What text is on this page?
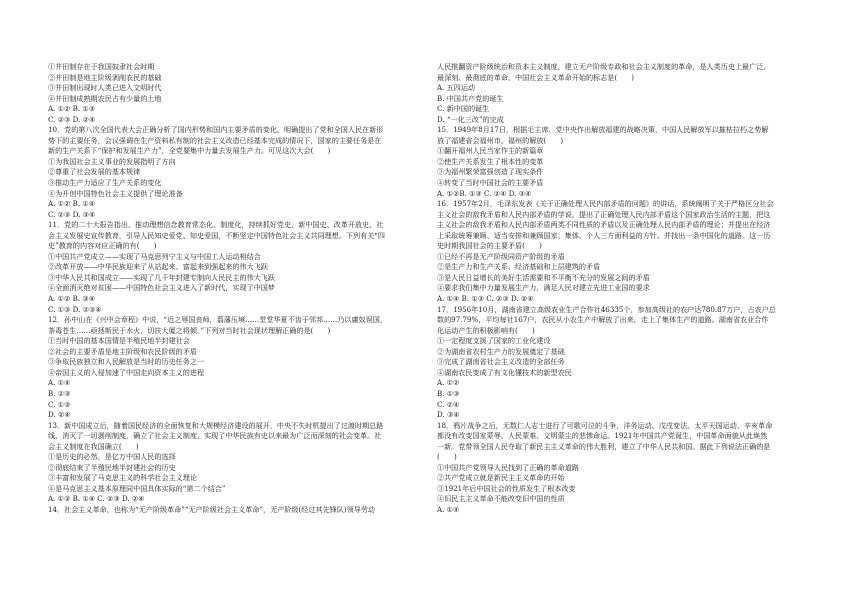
①井田制存在于我国奴隶社会时期
②井田制是地主阶级剥削农民的基础
③井田制出现时人类已进入文明时代
④井田制成熟期农民占有少量的土地
A. ①② B. ①③
C. ②③ D. ②④
10．党的第八次全国代表大会正确分析了国内形势和国内主要矛盾的变化，明确提出了党和全国人民在新形
势下的主要任务，会议强调在生产资料私有制的社会主义改造已经基本完成的情况下，国家的主要任务是在
新的生产关系下“保护和发展生产力”，全党要集中力量去发展生产力。可见这次大会(　　)
①为我国社会主义事业的发展指明了方向
②尊重了社会发展的基本规律
③推动生产力适应了生产关系的变化
④为开创中国特色社会主义提供了理论准备
A. ①② B. ①④
C. ②③ D. ③④
11．党的二十大报告指出，推动理想信念教育常态化、制度化，持续抓好党史、新中国史、改革开放史、社
会主义发展史宣传教育，引导人民知史爱党、知史爱国，不断坚定中国特色社会主义共同理想。下列有关“四
史”教育的内容对应正确的有(　　)
①中国共产党成立——实现了马克思列宁主义与中国工人运动相结合
②改革开放——中华民族迎来了从站起来、富起来到强起来的伟大飞跃
③中华人民共和国成立——实现了几千年封建专制向人民民主的伟大飞跃
④全面消灭绝对贫困——中国特色社会主义进入了新时代，实现了中国梦
A. ①② B. ③④
C. ①③ D. ②③④
12．孙中山在《兴中会章程》中说，“近之辱国丧师，翦藩压境……堂堂华夏不齿于邻邦……乃以庸奴误国，
荼毒苍生……亟拯斯民于水火，切扶大厦之将倾。”下列对当时社会现状理解正确的是(　　)
①当时中国的基本国情是半殖民地半封建社会
②社会的主要矛盾是地主阶级和农民阶级的矛盾
③争取民族独立和人民解放是当时的历史任务之一
④帝国主义的入侵加速了中国走向资本主义的进程
A. ①④
B. ②③
C. ①③
D. ②④
13．新中国成立后，随着国民经济的全面恢复和大规模经济建设的展开，中央不失时机提出了过渡时期总路
线，消灭了一切剥削制度，确立了社会主义制度，实现了中华民族有史以来最为广泛而深刻的社会变革。社
会主义制度在我国确立(　　)
①是历史的必然，是亿万中国人民的选择
②彻底结束了半殖民地半封建社会的历史
③丰富和发展了马克思主义的科学社会主义理论
④是马克思主义基本原理同中国具体实际的“第二个结合”
A. ①③ B. ①④ C. ②③ D. ②④
14．社会主义革命，也称为“无产阶级革命”“无产阶级社会主义革命”，无产阶级(经过其先锋队)领导劳动
人民推翻资产阶级统治和资本主义制度，建立无产阶级专政和社会主义制度的革命，是人类历史上最广泛、
最深刻、最彻底的革命。中国社会主义革命开始的标志是(　　)
A. 五四运动
B. 中国共产党的诞生
C. 新中国的诞生
D. “一化三改”的完成
15．1949年8月17日，根据毛主席、党中央作出解放福建的战略决策，中国人民解放军以摧枯拉朽之势解
放了福建省会福州市。福州的解放(　　)
①翻开福州人民当家作主的新篇章
②使生产关系发生了根本性的变革
③为福州繁荣富强创造了现实条件
④转变了当时中国社会的主要矛盾
A. ①②B. ①③ C. ②④ D. ③④
16．1957年2月，毛泽东发表《关于正确处理人民内部矛盾的问题》的讲话，系统阐明了关于严格区分社会
主义社会的敌我矛盾和人民内部矛盾的学说，提出了正确处理人民内部矛盾这个国家政治生活的主题，把这
主义社会的敌我矛盾和人民内部矛盾两类不同性质的矛盾以及正确处理人民内部矛盾的理论；并提出在经济
上采取统筹兼顾、适当安排和兼顾国家、集体、个人三方面利益的方针。并找出一条中国化的道路。这一历
史时期我国社会的主要矛盾(　　)
①已经不再是无产阶级同资产阶级的矛盾
②是生产力和生产关系、经济基础和上层建筑的矛盾
③是人民日益增长的美好生活需要和不平衡不充分的发展之间的矛盾
④要求我们集中力量发展生产力，满足人民对建立先进工业国的要求
A. ①④ B. ①③ C. ②③ D. ②④
17．1956年10月，湖南省建立高级农业生产合作社46335个，参加高级社的农户达780.87万户，占农户总
数的97.79%，平均每社167户，农民从小农生产中解放了出来，走上了集体生产的道路。湖南省农业合作
化运动产生的积极影响有(　　)
①一定程度支援了国家的工业化建设
②为湖南省农村生产力的发展奠定了基础
③完成了湖南省社会主义改造的全部任务
④湖南农民变成了有文化懂技术的新型农民
A. ①②
B. ①③
C. ②④
D. ③④
18．鸦片战争之后，无数仁人志士进行了可歌可泣的斗争，洋务运动、戊戌变法、太平天国运动、辛亥革命
都没有改变国家蒙辱、人民蒙难、文明蒙尘的悲惨命运。1921年中国共产党诞生，中国革命面貌从此焕然
一新。党带领全国人民夺取了新民主主义革命的伟大胜利，建立了中华人民共和国。据此下列说法正确的是
(　　)
①中国共产党领导人民找到了正确的革命道路
②共产党成立就是新民主主义革命的开始
③1921年后中国社会的性质发生了根本改变
④旧民主主义革命不能改变旧中国的性质
A. ①④
